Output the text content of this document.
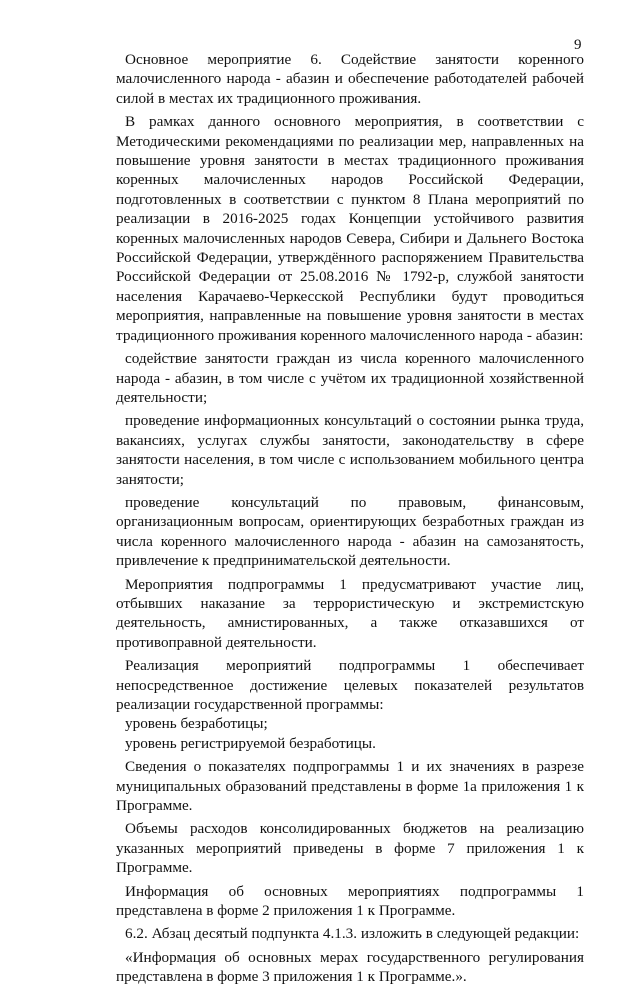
9

Основное мероприятие 6. Содействие занятости коренного малочисленного народа - абазин и обеспечение работодателей рабочей силой в местах их традиционного проживания.

В рамках данного основного мероприятия, в соответствии с Методическими рекомендациями по реализации мер, направленных на повышение уровня занятости в местах традиционного проживания коренных малочисленных народов Российской Федерации, подготовленных в соответствии с пунктом 8 Плана мероприятий по реализации в 2016-2025 годах Концепции устойчивого развития коренных малочисленных народов Севера, Сибири и Дальнего Востока Российской Федерации, утверждённого распоряжением Правительства Российской Федерации от 25.08.2016 № 1792-р, службой занятости населения Карачаево-Черкесской Республики будут проводиться мероприятия, направленные на повышение уровня занятости в местах традиционного проживания коренного малочисленного народа - абазин:

содействие занятости граждан из числа коренного малочисленного народа - абазин, в том числе с учётом их традиционной хозяйственной деятельности;

проведение информационных консультаций о состоянии рынка труда, вакансиях, услугах службы занятости, законодательству в сфере занятости населения, в том числе с использованием мобильного центра занятости;

проведение консультаций по правовым, финансовым, организационным вопросам, ориентирующих безработных граждан из числа коренного малочисленного народа - абазин на самозанятость, привлечение к предпринимательской деятельности.

Мероприятия подпрограммы 1 предусматривают участие лиц, отбывших наказание за террористическую и экстремистскую деятельность, амнистированных, а также отказавшихся от противоправной деятельности.

Реализация мероприятий подпрограммы 1 обеспечивает непосредственное достижение целевых показателей результатов реализации государственной программы:

уровень безработицы;

уровень регистрируемой безработицы.

Сведения о показателях подпрограммы 1 и их значениях в разрезе муниципальных образований представлены в форме 1а приложения 1 к Программе.

Объемы расходов консолидированных бюджетов на реализацию указанных мероприятий приведены в форме 7 приложения 1 к Программе.

Информация об основных мероприятиях подпрограммы 1 представлена в форме 2 приложения 1 к Программе.

6.2. Абзац десятый подпункта 4.1.3. изложить в следующей редакции:

«Информация об основных мерах государственного регулирования представлена в форме 3 приложения 1 к Программе.».
